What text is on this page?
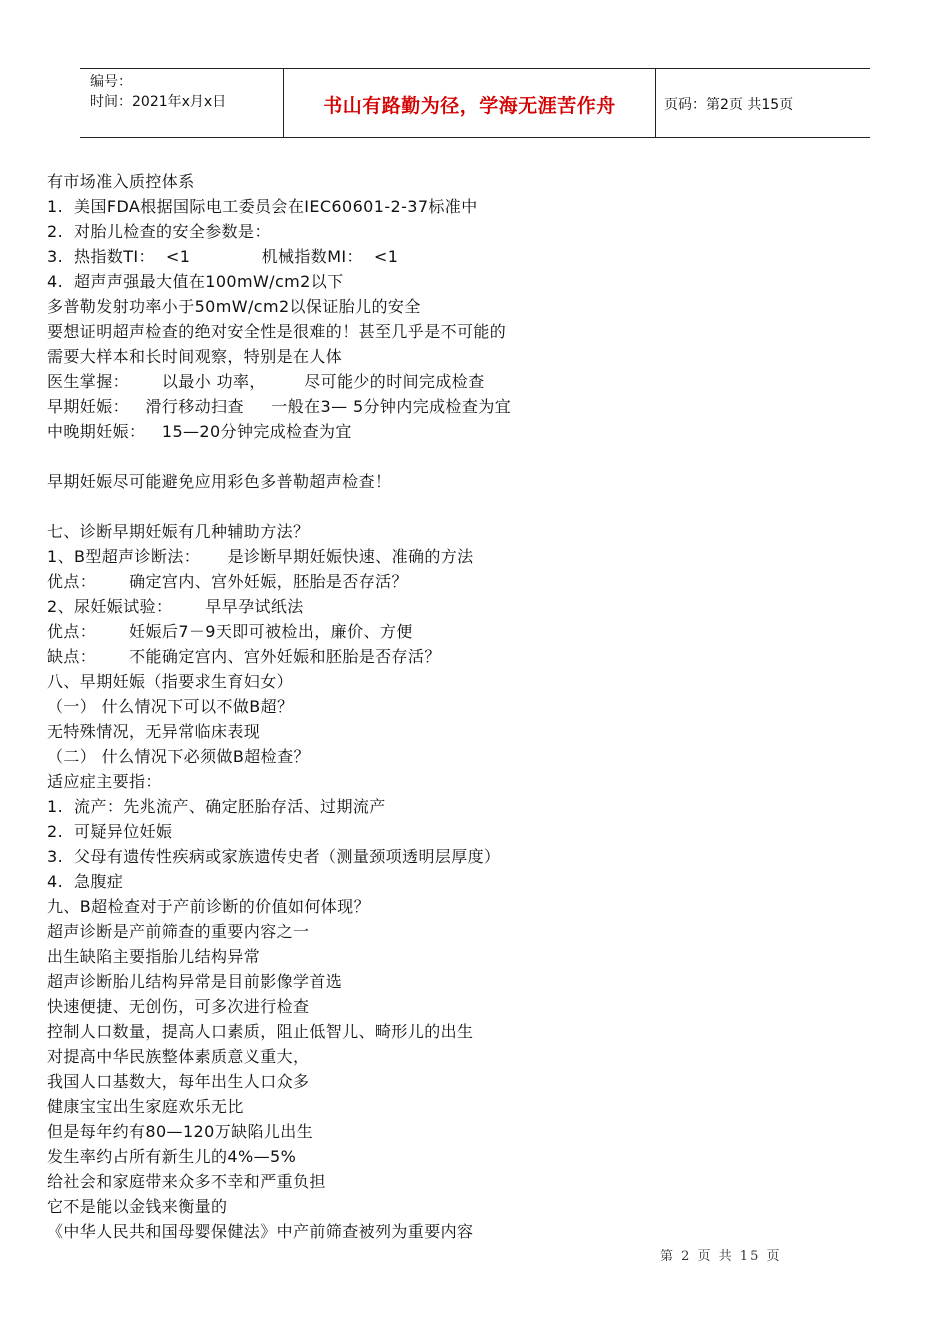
编号：
时间：2021年x月x日	书山有路勤为径，学海无涯苦作舟	页码：第2页 共15页
有市场准入质控体系
1.  美国FDA根据国际电工委员会在IEC60601-2-37标准中
2.  对胎儿检查的安全参数是：
3.  热指数TI：  <1             机械指数MI：  <1
4.  超声声强最大值在100mW/cm2以下
多普勒发射功率小于50mW/cm2以保证胎儿的安全
要想证明超声检查的绝对安全性是很难的！甚至几乎是不可能的
需要大样本和长时间观察，特别是在人体
医生掌握：      以最小 功率，       尽可能少的时间完成检查
早期妊娠：   滑行移动扫查     一般在3— 5分钟内完成检查为宜
中晚期妊娠：   15—20分钟完成检查为宜
早期妊娠尽可能避免应用彩色多普勒超声检查！
七、诊断早期妊娠有几种辅助方法？
1、B型超声诊断法：     是诊断早期妊娠快速、准确的方法
优点：      确定宫内、宫外妊娠，胚胎是否存活？
2、尿妊娠试验：      早早孕试纸法
优点：      妊娠后7－9天即可被检出，廉价、方便
缺点：      不能确定宫内、宫外妊娠和胚胎是否存活？
八、早期妊娠（指要求生育妇女）
（一） 什么情况下可以不做B超？
无特殊情况，无异常临床表现
（二） 什么情况下必须做B超检查？
适应症主要指：
1.  流产：先兆流产、确定胚胎存活、过期流产
2.  可疑异位妊娠
3.  父母有遗传性疾病或家族遗传史者（测量颈项透明层厚度）
4.  急腹症
九、B超检查对于产前诊断的价值如何体现？
超声诊断是产前筛查的重要内容之一
出生缺陷主要指胎儿结构异常
超声诊断胎儿结构异常是目前影像学首选
快速便捷、无创伤，可多次进行检查
控制人口数量，提高人口素质，阻止低智儿、畸形儿的出生
对提高中华民族整体素质意义重大，
我国人口基数大，每年出生人口众多
健康宝宝出生家庭欢乐无比
但是每年约有80—120万缺陷儿出生
发生率约占所有新生儿的4%—5%
给社会和家庭带来众多不幸和严重负担
它不是能以金钱来衡量的
《中华人民共和国母婴保健法》中产前筛查被列为重要内容
第 2 页 共 15 页
